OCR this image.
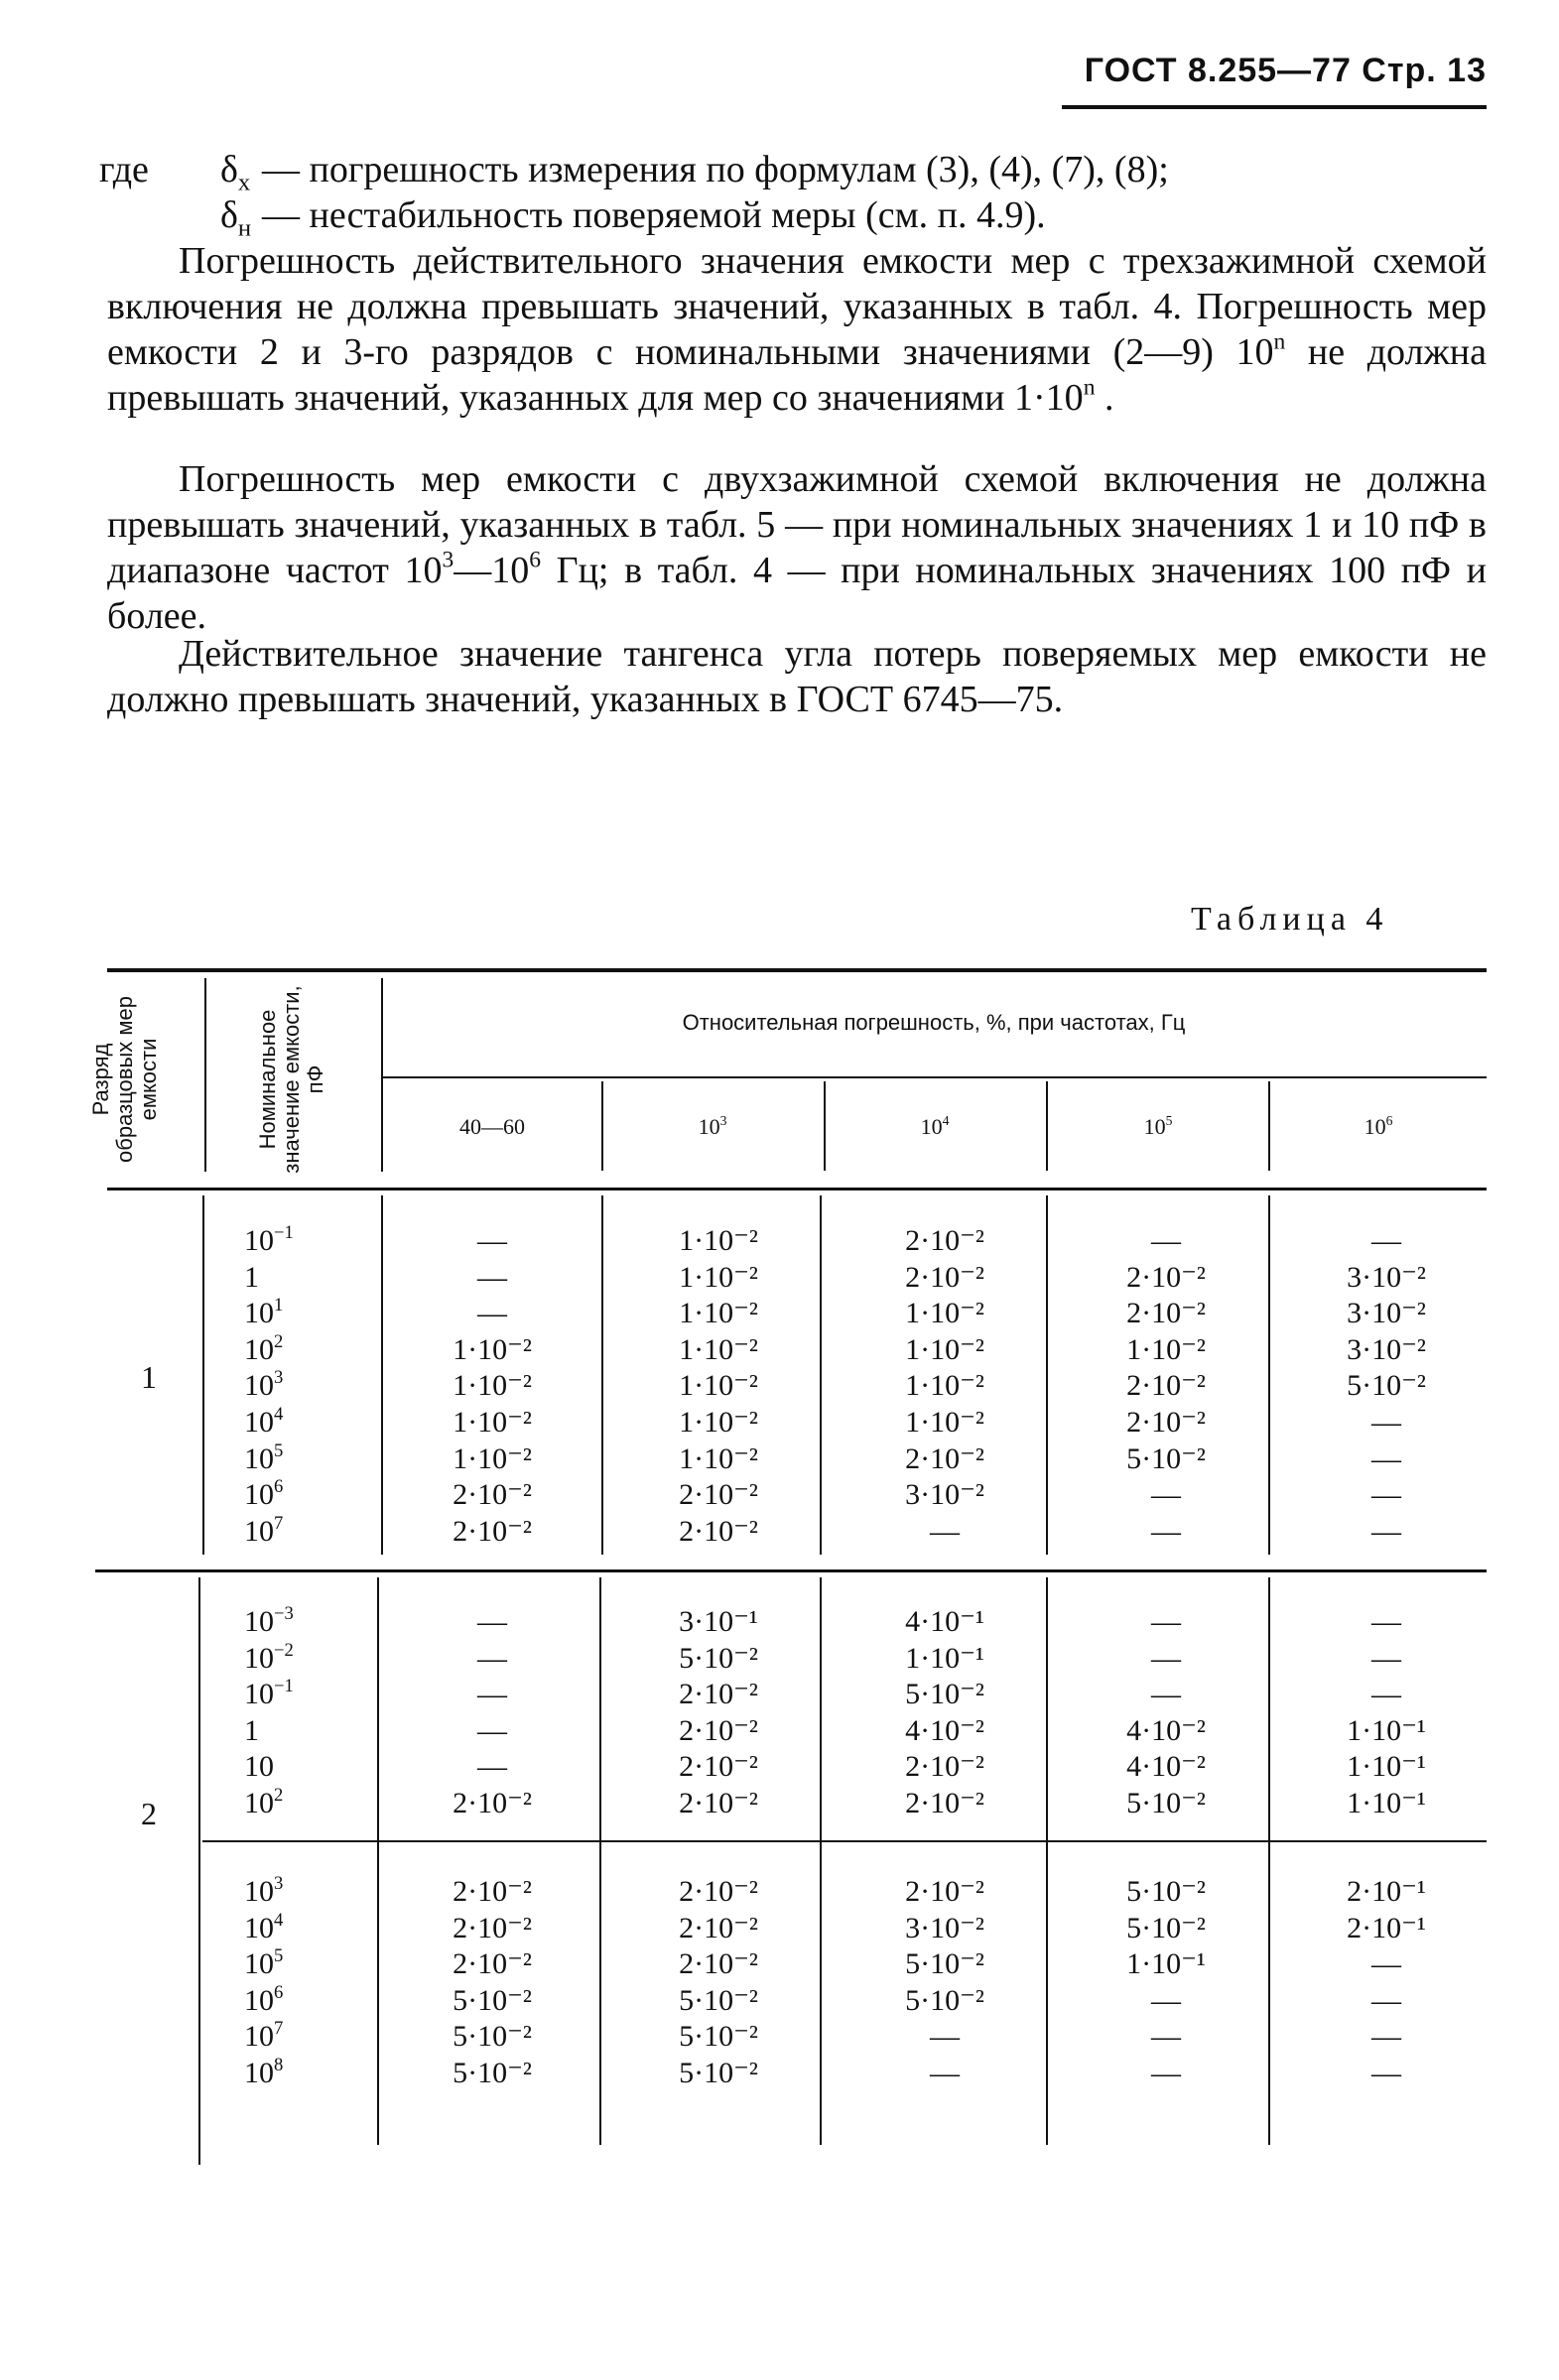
ГОСТ 8.255—77 Стр. 13
где $\delta_x$ — погрешность измерения по формулам (3), (4), (7), (8);
$\delta_н$ — нестабильность поверяемой меры (см. п. 4.9).
Погрешность действительного значения емкости мер с трехзажимной схемой включения не должна превышать значений, указанных в табл. 4. Погрешность мер емкости 2 и 3-го разрядов с номинальными значениями (2—9) 10$^n$ не должна превышать значений, указанных для мер со значениями $1\cdot 10^n$ .
Погрешность мер емкости с двухзажимной схемой включения не должна превышать значений, указанных в табл. 5 — при номинальных значениях 1 и 10 пФ в диапазоне частот $10^3—10^6$ Гц; в табл. 4 — при номинальных значениях 100 пФ и более.
Действительное значение тангенса угла потерь поверяемых мер емкости не должно превышать значений, указанных в ГОСТ 6745—75.
Таблица 4
Разряд образцовых мер емкости	Номинальное значение емкости, пФ
Относительная погрешность, %, при частотах, Гц
40—60	$10^3$	$10^4$	$10^5$	$10^6$
1
$10^{-1}$	—	1·10⁻²	2·10⁻²	—	—
1	—	1·10⁻²	2·10⁻²	2·10⁻²	3·10⁻²
$10^1$	—	1·10⁻²	1·10⁻²	2·10⁻²	3·10⁻²
$10^2$	1·10⁻²	1·10⁻²	1·10⁻²	1·10⁻²	3·10⁻²
$10^3$	1·10⁻²	1·10⁻²	1·10⁻²	2·10⁻²	5·10⁻²
$10^4$	1·10⁻²	1·10⁻²	1·10⁻²	2·10⁻²	—
$10^5$	1·10⁻²	1·10⁻²	2·10⁻²	5·10⁻²	—
$10^6$	2·10⁻²	2·10⁻²	3·10⁻²	—	—
$10^7$	2·10⁻²	2·10⁻²	—	—	—
2
$10^{-3}$	—	3·10⁻¹	4·10⁻¹	—	—
$10^{-2}$	—	5·10⁻²	1·10⁻¹	—	—
$10^{-1}$	—	2·10⁻²	5·10⁻²	—	—
1	—	2·10⁻²	4·10⁻²	4·10⁻²	1·10⁻¹
10	—	2·10⁻²	2·10⁻²	4·10⁻²	1·10⁻¹
$10^2$	2·10⁻²	2·10⁻²	2·10⁻²	5·10⁻²	1·10⁻¹
$10^3$	2·10⁻²	2·10⁻²	2·10⁻²	5·10⁻²	2·10⁻¹
$10^4$	2·10⁻²	2·10⁻²	3·10⁻²	5·10⁻²	2·10⁻¹
$10^5$	2·10⁻²	2·10⁻²	5·10⁻²	1·10⁻¹	—
$10^6$	5·10⁻²	5·10⁻²	5·10⁻²	—	—
$10^7$	5·10⁻²	5·10⁻²	—	—	—
$10^8$	5·10⁻²	5·10⁻²	—	—	—
